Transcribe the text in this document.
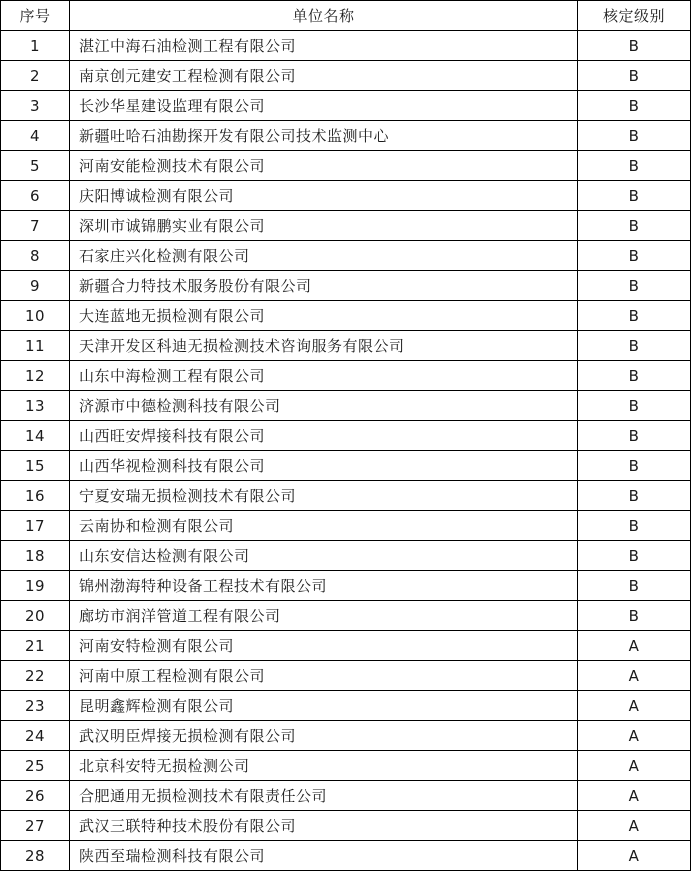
序号	单位名称	核定级别
1	湛江中海石油检测工程有限公司	B
2	南京创元建安工程检测有限公司	B
3	长沙华星建设监理有限公司	B
4	新疆吐哈石油勘探开发有限公司技术监测中心	B
5	河南安能检测技术有限公司	B
6	庆阳博诚检测有限公司	B
7	深圳市诚锦鹏实业有限公司	B
8	石家庄兴化检测有限公司	B
9	新疆合力特技术服务股份有限公司	B
10	大连蓝地无损检测有限公司	B
11	天津开发区科迪无损检测技术咨询服务有限公司	B
12	山东中海检测工程有限公司	B
13	济源市中德检测科技有限公司	B
14	山西旺安焊接科技有限公司	B
15	山西华视检测科技有限公司	B
16	宁夏安瑞无损检测技术有限公司	B
17	云南协和检测有限公司	B
18	山东安信达检测有限公司	B
19	锦州渤海特种设备工程技术有限公司	B
20	廊坊市润洋管道工程有限公司	B
21	河南安特检测有限公司	A
22	河南中原工程检测有限公司	A
23	昆明鑫辉检测有限公司	A
24	武汉明臣焊接无损检测有限公司	A
25	北京科安特无损检测公司	A
26	合肥通用无损检测技术有限责任公司	A
27	武汉三联特种技术股份有限公司	A
28	陕西至瑞检测科技有限公司	A
